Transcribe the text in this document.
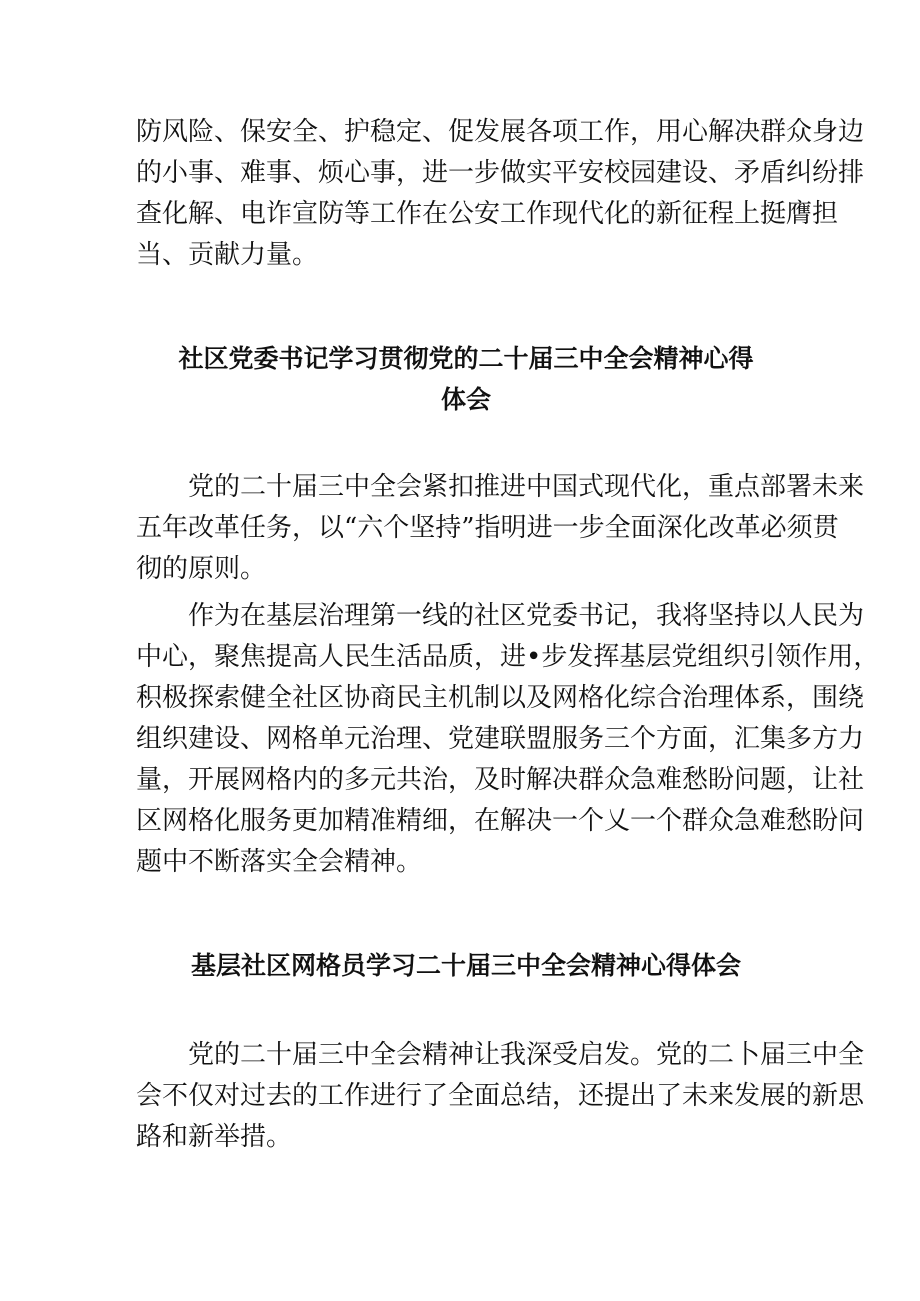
防风险、保安全、护稳定、促发展各项工作，用心解决群众身边
的小事、难事、烦心事，进一步做实平安校园建设、矛盾纠纷排
查化解、电诈宣防等工作在公安工作现代化的新征程上挺膺担
当、贡献力量。
社区党委书记学习贯彻党的二十届三中全会精神心得
体会
党的二十届三中全会紧扣推进中国式现代化，重点部署未来
五年改革任务，以“六个坚持”指明进一步全面深化改革必须贯
彻的原则。
作为在基层治理第一线的社区党委书记，我将坚持以人民为
中心，聚焦提高人民生活品质，进•步发挥基层党组织引领作用，
积极探索健全社区协商民主机制以及网格化综合治理体系，围绕
组织建设、网格单元治理、党建联盟服务三个方面，汇集多方力
量，开展网格内的多元共治，及时解决群众急难愁盼问题，让社
区网格化服务更加精准精细，在解决一个乂一个群众急难愁盼问
题中不断落实全会精神。
基层社区网格员学习二十届三中全会精神心得体会
党的二十届三中全会精神让我深受启发。党的二卜届三中全
会不仅对过去的工作进行了全面总结，还提出了未来发展的新思
路和新举措。
